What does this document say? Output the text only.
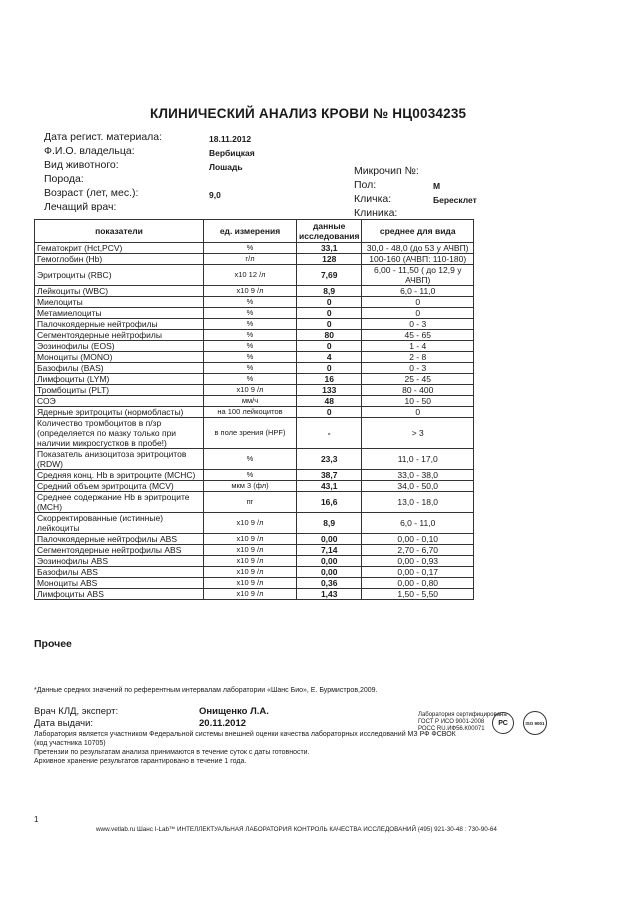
КЛИНИЧЕСКИЙ АНАЛИЗ КРОВИ № НЦ0034235
Дата регист. материала:	18.11.2012
Ф.И.О. владельца:	Вербицкая
Вид животного:	Лошадь
Порода:
Возраст (лет, мес.):	9,0
Лечащий врач:
Микрочип №:
Пол:	М
Кличка:	Бересклет
Клиника:
показатели	ед. измерения	данные исследования	среднее для вида
Гематокрит (Hct,PCV)	%	33,1	30,0 - 48,0 (до 53 у АЧВП)
Гемоглобин (Hb)	г/л	128	100-160 (АЧВП: 110-180)
Эритроциты (RBC)	х10 12 /л	7,69	6,00 - 11,50 ( до 12,9 у АЧВП)
Лейкоциты (WBC)	х10 9 /л	8,9	6,0 - 11,0
Миелоциты	%	0	0
Метамиелоциты	%	0	0
Палочкоядерные нейтрофилы	%	0	0 - 3
Сегментоядерные нейтрофилы	%	80	45 - 65
Эозинофилы (EOS)	%	0	1 - 4
Моноциты (MONO)	%	4	2 - 8
Базофилы (BAS)	%	0	0 - 3
Лимфоциты (LYM)	%	16	25 - 45
Тромбоциты (PLT)	х10 9 /л	133	80 - 400
СОЭ	мм/ч	48	10 - 50
Ядерные эритроциты (нормобласты)	на 100 лейкоцитов	0	0
Количество тромбоцитов в п/зр (определяется по мазку только при наличии микросгустков в пробе!)	в поле зрения (HPF)	-	> 3
Показатель анизоцитоза эритроцитов (RDW)	%	23,3	11,0 - 17,0
Средняя конц. Hb в эритроците (MCHC)	%	38,7	33,0 - 38,0
Средний объем эритроцита (MCV)	мкм 3 (фл)	43,1	34,0 - 50,0
Среднее содержание Hb в эритроците (MCH)	пг	16,6	13,0 - 18,0
Скорректированные (истинные) лейкоциты	х10 9 /л	8,9	6,0 - 11,0
Палочкоядерные нейтрофилы ABS	х10 9 /л	0,00	0,00 - 0,10
Сегментоядерные нейтрофилы ABS	х10 9 /л	7,14	2,70 - 6,70
Эозинофилы ABS	х10 9 /л	0,00	0,00 - 0,93
Базофилы ABS	х10 9 /л	0,00	0,00 - 0,17
Моноциты ABS	х10 9 /л	0,36	0,00 - 0,80
Лимфоциты ABS	х10 9 /л	1,43	1,50 - 5,50
Прочее
*Данные средних значений по референтным интервалам лаборатории «Шанс Био», Е. Бурмистров,2009.
Врач КЛД, эксперт:	Онищенко Л.А.
Дата выдачи:	20.11.2012
Лаборатория является участником Федеральной системы внешней оценки качества лабораторных исследований МЗ РФ ФСВОК
(код участника 10705)
Претензии по результатам анализа принимаются в течение суток с даты готовности.
Архивное хранение результатов гарантировано в течение 1 года.
Лаборатория сертифицирована
ГОСТ Р ИСО 9001-2008
РОСС RU.ИФ56.К00071
РС	ISO 9001
1
www.vetlab.ru Шанс I-Lab™ ИНТЕЛЛЕКТУАЛЬНАЯ ЛАБОРАТОРИЯ КОНТРОЛЬ КАЧЕСТВА ИССЛЕДОВАНИЙ (495) 921-30-48 : 730-90-64
